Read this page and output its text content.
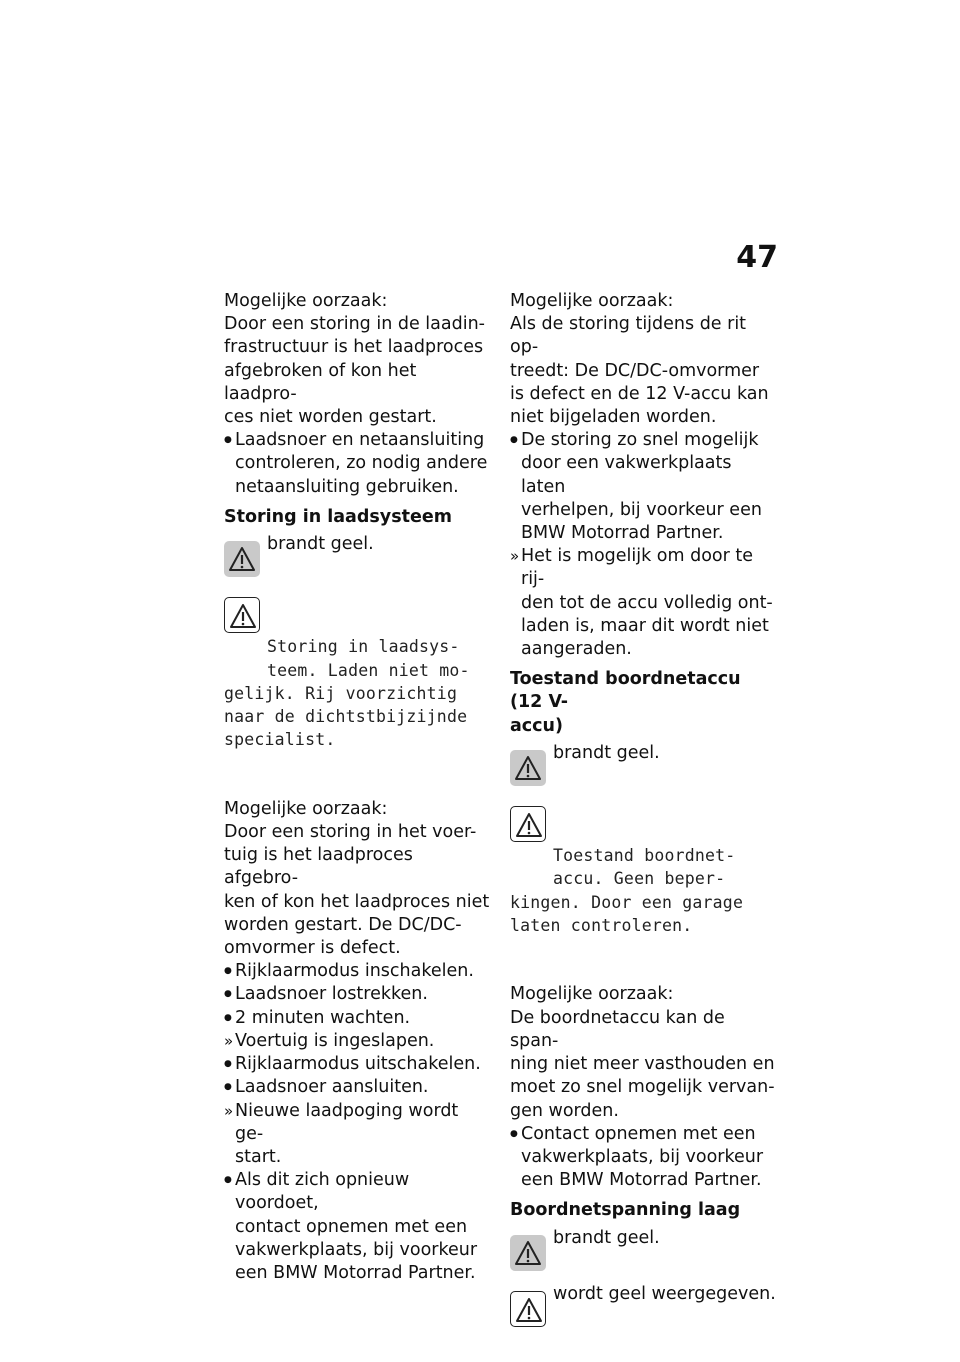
47

Mogelijke oorzaak:

Door een storing in de laadin-
frastructuur is het laadproces
afgebroken of kon het laadpro-
ces niet worden gestart.
●
Laadsnoer en netaansluiting
controleren, zo nodig andere
netaansluiting gebruiken.

Storing in laadsysteem

brandt geel.

Storing in laadsys-
teem. Laden niet mo-
gelijk. Rij voorzichtig
naar de dichtstbijzijnde
specialist.

Mogelijke oorzaak:

Door een storing in het voer-
tuig is het laadproces afgebro-
ken of kon het laadproces niet
worden gestart. De DC/DC-
omvormer is defect.
●
Rijklaarmodus inschakelen.
●
Laadsnoer lostrekken.
●
2 minuten wachten.
»
Voertuig is ingeslapen.
●
Rijklaarmodus uitschakelen.
●
Laadsnoer aansluiten.
»
Nieuwe laadpoging wordt ge-
start.
●
Als dit zich opnieuw voordoet,
contact opnemen met een
vakwerkplaats, bij voorkeur
een BMW Motorrad Partner.

Mogelijke oorzaak:

Als de storing tijdens de rit op-
treedt: De DC/DC-omvormer
is defect en de 12 V-accu kan
niet bijgeladen worden.
●
De storing zo snel mogelijk
door een vakwerkplaats laten
verhelpen, bij voorkeur een
BMW Motorrad Partner.
»
Het is mogelijk om door te rij-
den tot de accu volledig ont-
laden is, maar dit wordt niet
aangeraden.
Toestand boordnetaccu (12 V-
accu)
brandt geel.

Toestand boordnet-
accu. Geen beper-
kingen. Door een garage
laten controleren.

Mogelijke oorzaak:

De boordnetaccu kan de span-
ning niet meer vasthouden en
moet zo snel mogelijk vervan-
gen worden.
●
Contact opnemen met een
vakwerkplaats, bij voorkeur
een BMW Motorrad Partner.

Boordnetspanning laag

brandt geel.
wordt geel weergegeven.
